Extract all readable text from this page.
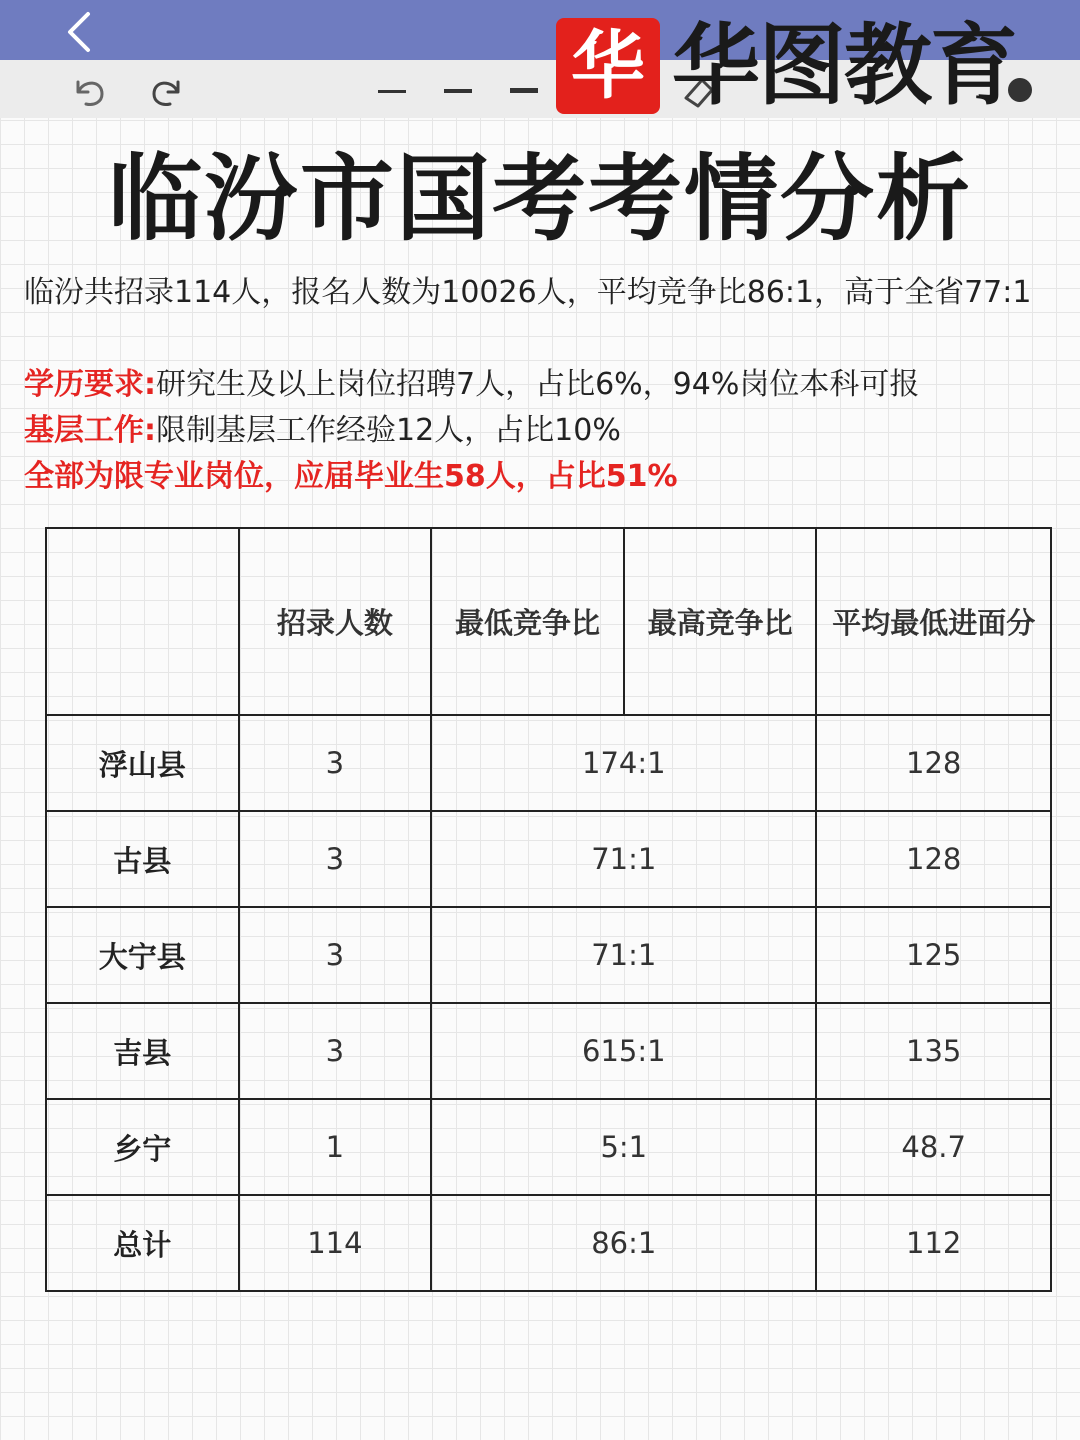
华 华图教育
临汾市国考考情分析
临汾共招录114人，报名人数为10026人，平均竞争比86:1，高于全省77:1
学历要求:研究生及以上岗位招聘7人，占比6%，94%岗位本科可报
基层工作:限制基层工作经验12人，占比10%
全部为限专业岗位，应届毕业生58人，占比51%
	招录人数	最低竞争比	最高竞争比	平均最低进面分
浮山县	3	174:1		128
古县	3	71:1		128
大宁县	3	71:1		125
吉县	3	615:1		135
乡宁	1	5:1		48.7
总计	114	86:1		112
